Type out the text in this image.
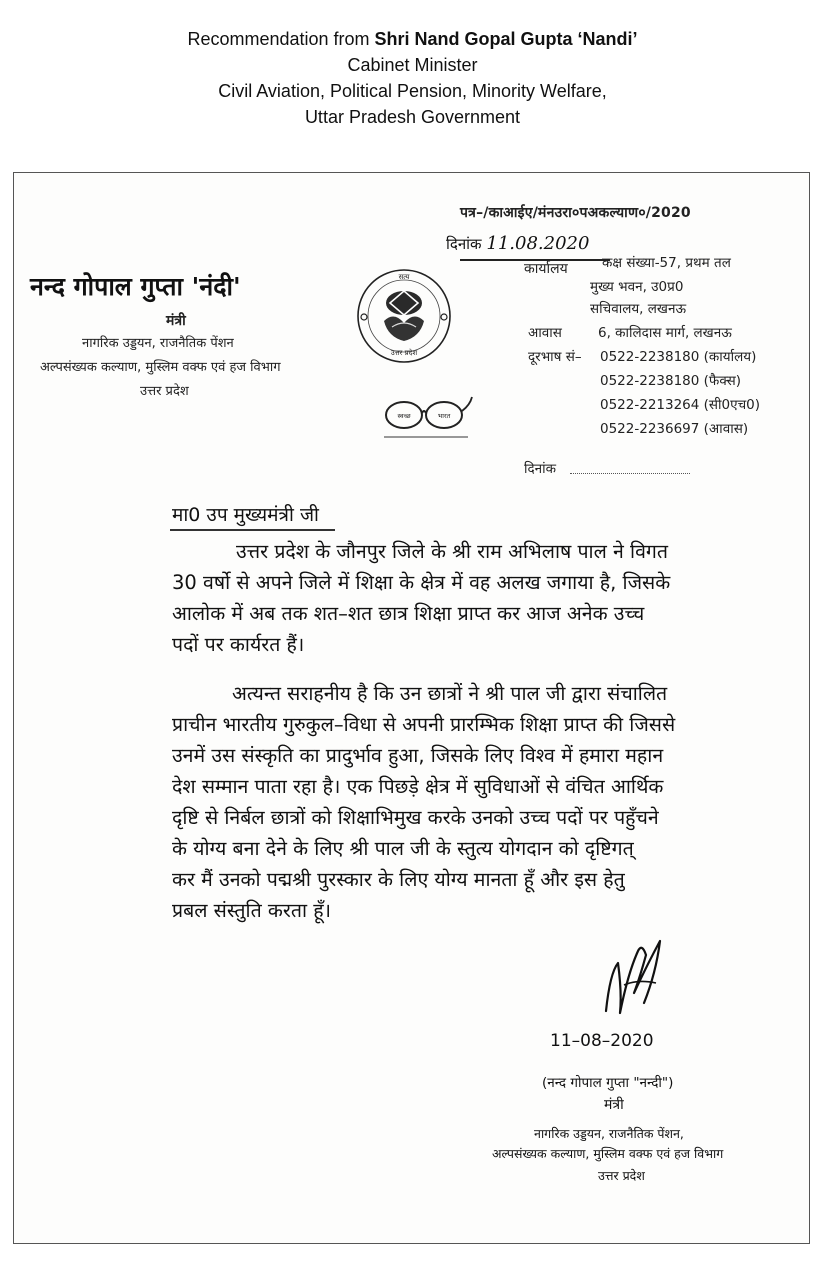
Recommendation from Shri Nand Gopal Gupta ‘Nandi’
Cabinet Minister
Civil Aviation, Political Pension, Minority Welfare,
Uttar Pradesh Government
पत्र–/काआईए/मंनउरा०पअकल्याण०/2020
दिनांक 11.08.2020
कार्यालय
नन्द गोपाल गुप्ता 'नंदी'
मंत्री
नागरिक उड्डयन, राजनैतिक पेंशन
अल्पसंख्यक कल्याण, मुस्लिम वक्फ एवं हज विभाग
उत्तर प्रदेश
सत्य
उत्तर प्रदेश
स्वच्छ	भारत
कक्ष संख्या-57, प्रथम तल
मुख्य भवन, उ0प्र0
सचिवालय, लखनऊ
आवास	6, कालिदास मार्ग, लखनऊ
दूरभाष सं– 0522-2238180 (कार्यालय)
0522-2238180 (फैक्स)
0522-2213264 (सी0एच0)
0522-2236697 (आवास)
दिनांक
मा0 उप मुख्यमंत्री जी
उत्तर प्रदेश के जौनपुर जिले के श्री राम अभिलाष पाल ने विगत
30 वर्षो से अपने जिले में शिक्षा के क्षेत्र में वह अलख जगाया है, जिसके
आलोक में अब तक शत–शत छात्र शिक्षा प्राप्त कर आज अनेक उच्च
पदों पर कार्यरत हैं।
अत्यन्त सराहनीय है कि उन छात्रों ने श्री पाल जी द्वारा संचालित
प्राचीन भारतीय गुरुकुल–विधा से अपनी प्रारम्भिक शिक्षा प्राप्त की जिससे
उनमें उस संस्कृति का प्रादुर्भाव हुआ, जिसके लिए विश्व में हमारा महान
देश सम्मान पाता रहा है। एक पिछड़े क्षेत्र में सुविधाओं से वंचित आर्थिक
दृष्टि से निर्बल छात्रों को शिक्षाभिमुख करके उनको उच्च पदों पर पहुँचने
के योग्य बना देने के लिए श्री पाल जी के स्तुत्य योगदान को दृष्टिगत्
कर मैं उनको पद्मश्री पुरस्कार के लिए योग्य मानता हूँ और इस हेतु
प्रबल संस्तुति करता हूँ।
11–08–2020
(नन्द गोपाल गुप्ता "नन्दी")
मंत्री
नागरिक उड्डयन, राजनैतिक पेंशन,
अल्पसंख्यक कल्याण, मुस्लिम वक्फ एवं हज विभाग
उत्तर प्रदेश
